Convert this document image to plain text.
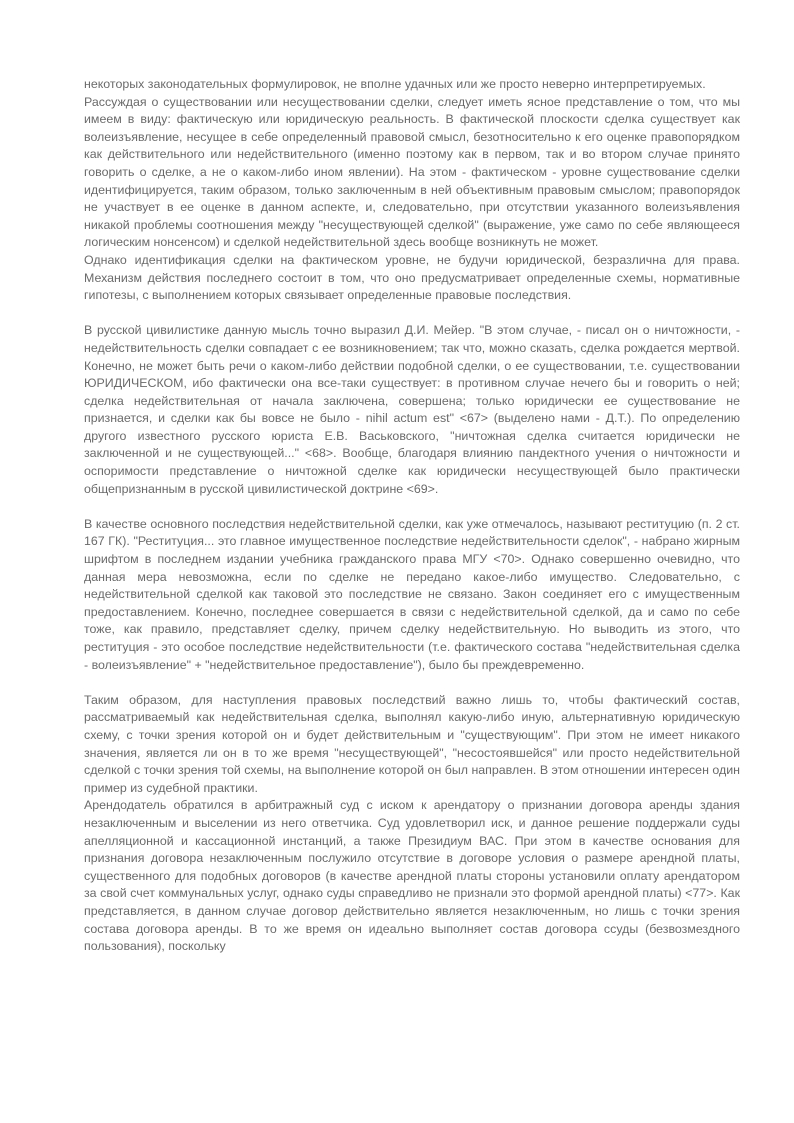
некоторых законодательных формулировок, не вполне удачных или же просто неверно интерпретируемых.

Рассуждая о существовании или несуществовании сделки, следует иметь ясное представление о том, что мы имеем в виду: фактическую или юридическую реальность. В фактической плоскости сделка существует как волеизъявление, несущее в себе определенный правовой смысл, безотносительно к его оценке правопорядком как действительного или недействительного (именно поэтому как в первом, так и во втором случае принято говорить о сделке, а не о каком-либо ином явлении). На этом - фактическом - уровне существование сделки идентифицируется, таким образом, только заключенным в ней объективным правовым смыслом; правопорядок не участвует в ее оценке в данном аспекте, и, следовательно, при отсутствии указанного волеизъявления никакой проблемы соотношения между "несуществующей сделкой" (выражение, уже само по себе являющееся логическим нонсенсом) и сделкой недействительной здесь вообще возникнуть не может.

Однако идентификация сделки на фактическом уровне, не будучи юридической, безразлична для права. Механизм действия последнего состоит в том, что оно предусматривает определенные схемы, нормативные гипотезы, с выполнением которых связывает определенные правовые последствия.

В русской цивилистике данную мысль точно выразил Д.И. Мейер. "В этом случае, - писал он о ничтожности, - недействительность сделки совпадает с ее возникновением; так что, можно сказать, сделка рождается мертвой. Конечно, не может быть речи о каком-либо действии подобной сделки, о ее существовании, т.е. существовании ЮРИДИЧЕСКОМ, ибо фактически она все-таки существует: в противном случае нечего бы и говорить о ней; сделка недействительная от начала заключена, совершена; только юридически ее существование не признается, и сделки как бы вовсе не было - nihil actum est" <67> (выделено нами - Д.Т.). По определению другого известного русского юриста Е.В. Васьковского, "ничтожная сделка считается юридически не заключенной и не существующей..." <68>. Вообще, благодаря влиянию пандектного учения о ничтожности и оспоримости представление о ничтожной сделке как юридически несуществующей было практически общепризнанным в русской цивилистической доктрине <69>.

В качестве основного последствия недействительной сделки, как уже отмечалось, называют реституцию (п. 2 ст. 167 ГК). "Реституция... это главное имущественное последствие недействительности сделок", - набрано жирным шрифтом в последнем издании учебника гражданского права МГУ <70>. Однако совершенно очевидно, что данная мера невозможна, если по сделке не передано какое-либо имущество. Следовательно, с недействительной сделкой как таковой это последствие не связано. Закон соединяет его с имущественным предоставлением. Конечно, последнее совершается в связи с недействительной сделкой, да и само по себе тоже, как правило, представляет сделку, причем сделку недействительную. Но выводить из этого, что реституция - это особое последствие недействительности (т.е. фактического состава "недействительная сделка - волеизъявление" + "недействительное предоставление"), было бы преждевременно.

Таким образом, для наступления правовых последствий важно лишь то, чтобы фактический состав, рассматриваемый как недействительная сделка, выполнял какую-либо иную, альтернативную юридическую схему, с точки зрения которой он и будет действительным и "существующим". При этом не имеет никакого значения, является ли он в то же время "несуществующей", "несостоявшейся" или просто недействительной сделкой с точки зрения той схемы, на выполнение которой он был направлен. В этом отношении интересен один пример из судебной практики.

Арендодатель обратился в арбитражный суд с иском к арендатору о признании договора аренды здания незаключенным и выселении из него ответчика. Суд удовлетворил иск, и данное решение поддержали суды апелляционной и кассационной инстанций, а также Президиум ВАС. При этом в качестве основания для признания договора незаключенным послужило отсутствие в договоре условия о размере арендной платы, существенного для подобных договоров (в качестве арендной платы стороны установили оплату арендатором за свой счет коммунальных услуг, однако суды справедливо не признали это формой арендной платы) <77>. Как представляется, в данном случае договор действительно является незаключенным, но лишь с точки зрения состава договора аренды. В то же время он идеально выполняет состав договора ссуды (безвозмездного пользования), поскольку
